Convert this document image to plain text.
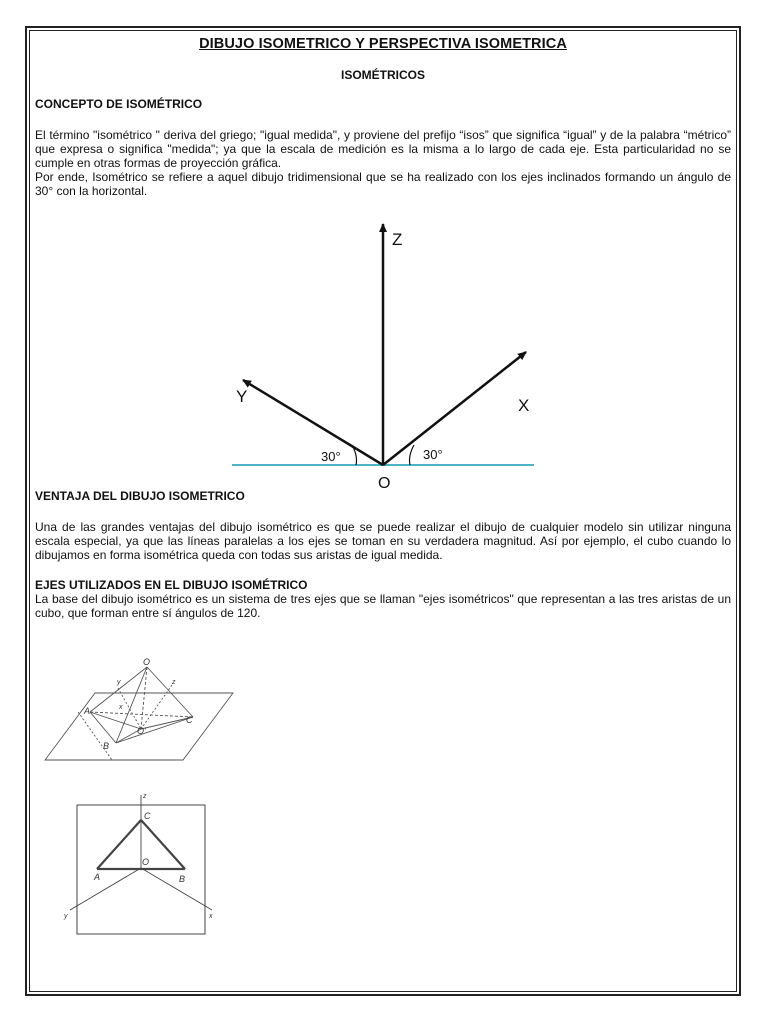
DIBUJO ISOMETRICO Y PERSPECTIVA ISOMETRICA

ISOMÉTRICOS

CONCEPTO DE ISOMÉTRICO

El término "isométrico " deriva del griego; "igual medida", y proviene del prefijo “isos” que significa “igual” y de la palabra “métrico” que expresa o significa "medida"; ya que la escala de medición es la misma a lo largo de cada eje. Esta particularidad no se cumple en otras formas de proyección gráfica.

Por ende, Isométrico se refiere a aquel dibujo tridimensional que se ha realizado con los ejes inclinados formando un ángulo de 30° con la horizontal.

Z
Y	X
O
30°	30°

VENTAJA DEL DIBUJO ISOMETRICO

Una de las grandes ventajas del dibujo isométrico es que se puede realizar el dibujo de cualquier modelo sin utilizar ninguna escala especial, ya que las líneas paralelas a los ejes se toman en su verdadera magnitud. Así por ejemplo, el cubo cuando lo dibujamos en forma isométrica queda con todas sus aristas de igual medida.

EJES UTILIZADOS EN EL DIBUJO ISOMÉTRICO

La base del dibujo isométrico es un sistema de tres ejes que se llaman "ejes isométricos" que representan a las tres aristas de un cubo, que forman entre sí ángulos de 120.

O
A
B
C
O'
y
x
z
z
C
O
A	B
y	x
